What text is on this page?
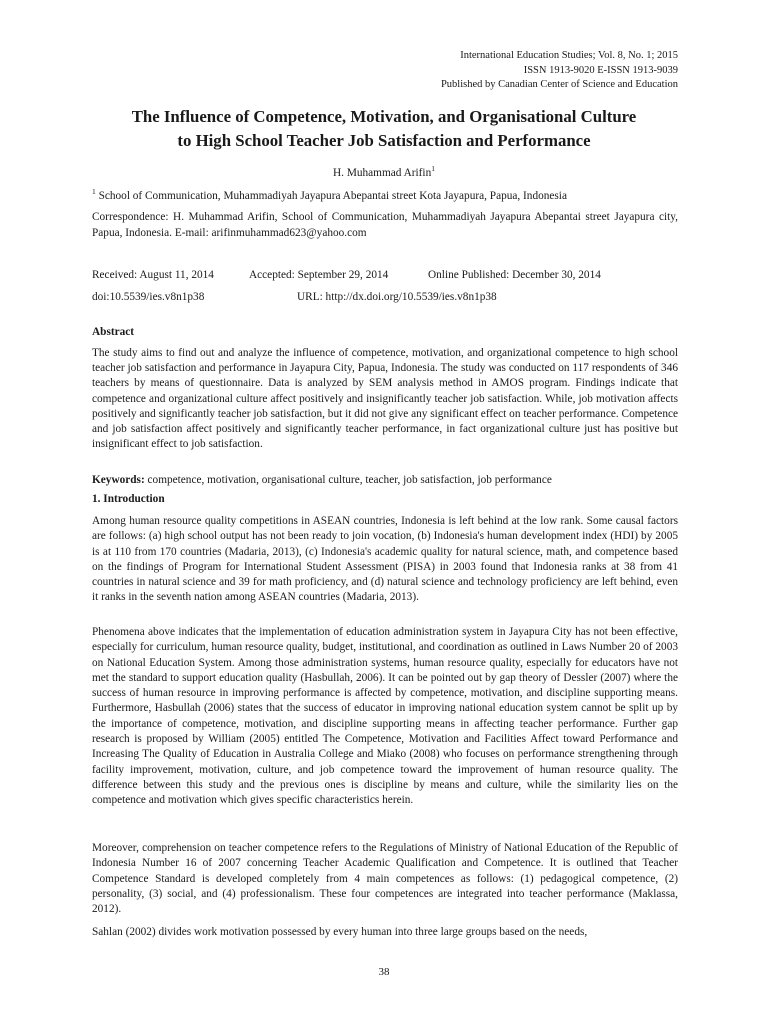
International Education Studies; Vol. 8, No. 1; 2015
ISSN 1913-9020 E-ISSN 1913-9039
Published by Canadian Center of Science and Education
The Influence of Competence, Motivation, and Organisational Culture
to High School Teacher Job Satisfaction and Performance
H. Muhammad Arifin$^1$
$^1$ School of Communication, Muhammadiyah Jayapura Abepantai street Kota Jayapura, Papua, Indonesia
Correspondence: H. Muhammad Arifin, School of Communication, Muhammadiyah Jayapura Abepantai street Jayapura city, Papua, Indonesia. E-mail: arifinmuhammad623@yahoo.com
Received: August 11, 2014	Accepted: September 29, 2014	Online Published: December 30, 2014
doi:10.5539/ies.v8n1p38	URL: http://dx.doi.org/10.5539/ies.v8n1p38
Abstract
The study aims to find out and analyze the influence of competence, motivation, and organizational competence to high school teacher job satisfaction and performance in Jayapura City, Papua, Indonesia. The study was conducted on 117 respondents of 346 teachers by means of questionnaire. Data is analyzed by SEM analysis method in AMOS program. Findings indicate that competence and organizational culture affect positively and insignificantly teacher job satisfaction. While, job motivation affects positively and significantly teacher job satisfaction, but it did not give any significant effect on teacher performance. Competence and job satisfaction affect positively and significantly teacher performance, in fact organizational culture just has positive but insignificant effect to job satisfaction.
Keywords: competence, motivation, organisational culture, teacher, job satisfaction, job performance
1. Introduction
Among human resource quality competitions in ASEAN countries, Indonesia is left behind at the low rank. Some causal factors are follows: (a) high school output has not been ready to join vocation, (b) Indonesia's human development index (HDI) by 2005 is at 110 from 170 countries (Madaria, 2013), (c) Indonesia's academic quality for natural science, math, and competence based on the findings of Program for International Student Assessment (PISA) in 2003 found that Indonesia ranks at 38 from 41 countries in natural science and 39 for math proficiency, and (d) natural science and technology proficiency are left behind, even it ranks in the seventh nation among ASEAN countries (Madaria, 2013).
Phenomena above indicates that the implementation of education administration system in Jayapura City has not been effective, especially for curriculum, human resource quality, budget, institutional, and coordination as outlined in Laws Number 20 of 2003 on National Education System. Among those administration systems, human resource quality, especially for educators have not met the standard to support education quality (Hasbullah, 2006). It can be pointed out by gap theory of Dessler (2007) where the success of human resource in improving performance is affected by competence, motivation, and discipline supporting means. Furthermore, Hasbullah (2006) states that the success of educator in improving national education system cannot be split up by the importance of competence, motivation, and discipline supporting means in affecting teacher performance. Further gap research is proposed by William (2005) entitled The Competence, Motivation and Facilities Affect toward Performance and Increasing The Quality of Education in Australia College and Miako (2008) who focuses on performance strengthening through facility improvement, motivation, culture, and job competence toward the improvement of human resource quality. The difference between this study and the previous ones is discipline by means and culture, while the similarity lies on the competence and motivation which gives specific characteristics herein.
Moreover, comprehension on teacher competence refers to the Regulations of Ministry of National Education of the Republic of Indonesia Number 16 of 2007 concerning Teacher Academic Qualification and Competence. It is outlined that Teacher Competence Standard is developed completely from 4 main competences as follows: (1) pedagogical competence, (2) personality, (3) social, and (4) professionalism. These four competences are integrated into teacher performance (Maklassa, 2012).
Sahlan (2002) divides work motivation possessed by every human into three large groups based on the needs,
38
